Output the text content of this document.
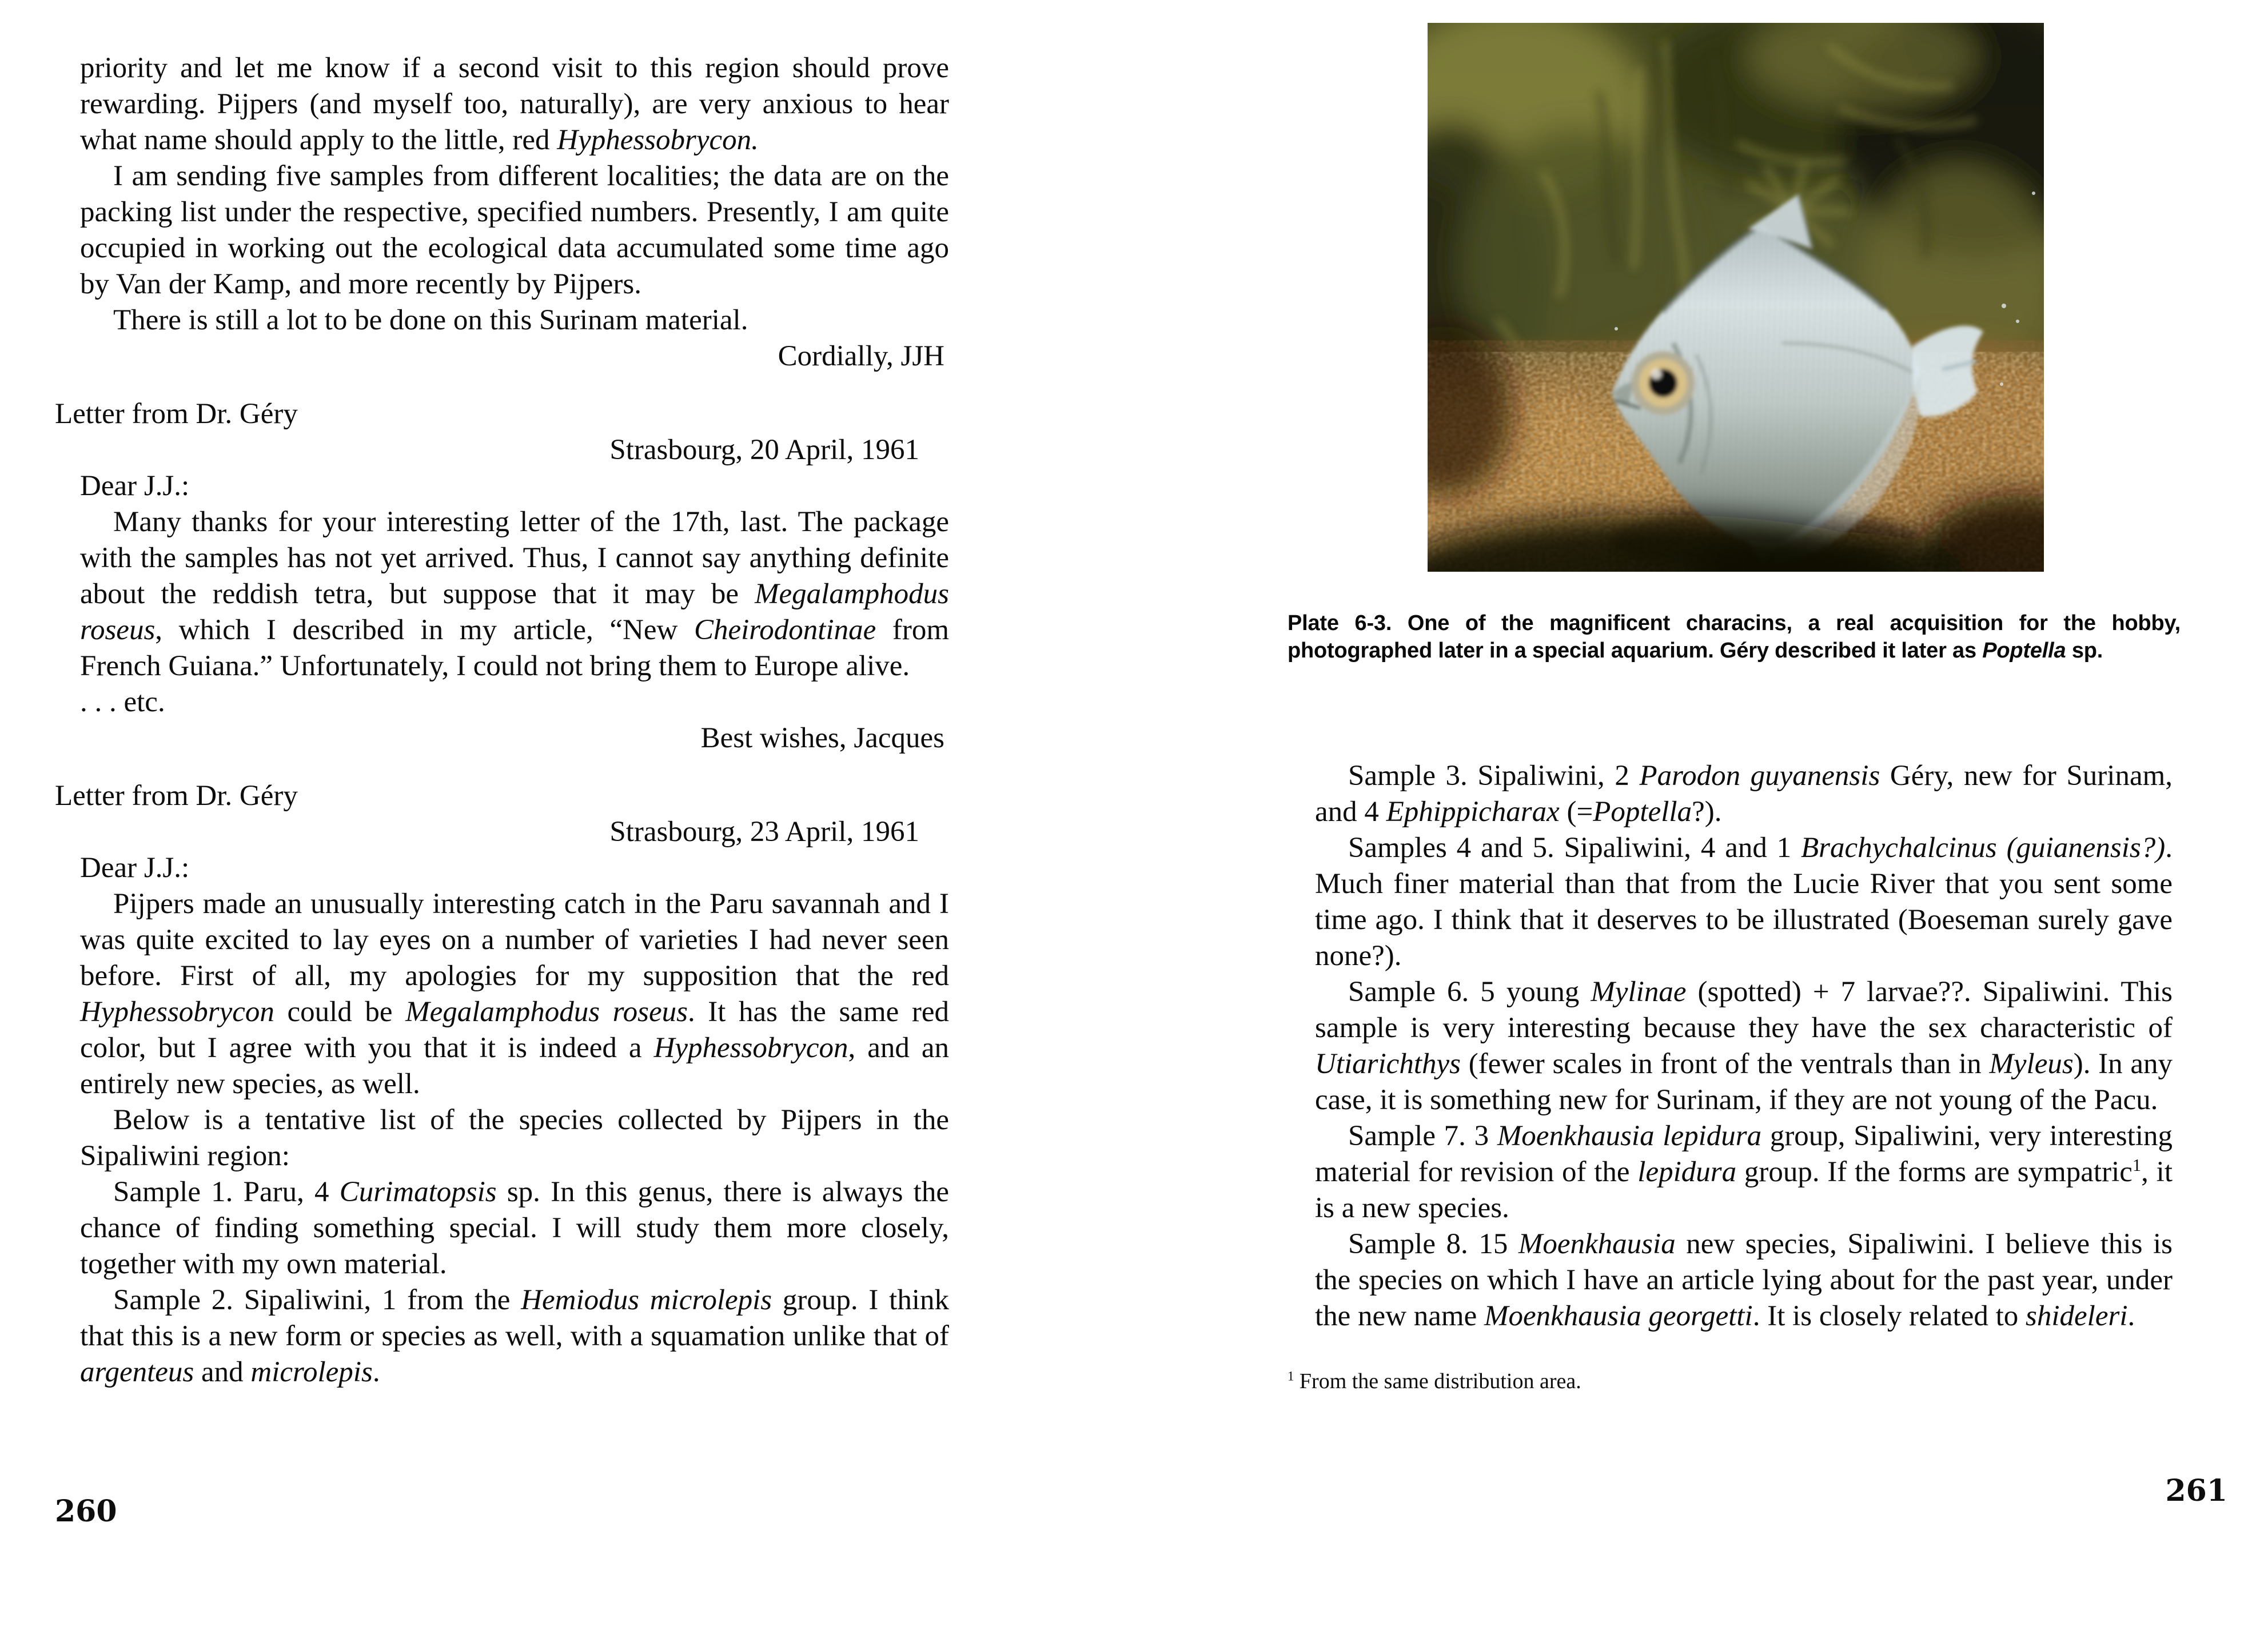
priority and let me know if a second visit to this region should prove rewarding. Pijpers (and myself too, naturally), are very anxious to hear what name should apply to the little, red Hyphessobrycon.

I am sending five samples from different localities; the data are on the packing list under the respective, specified numbers. Presently, I am quite occupied in working out the ecological data accumulated some time ago by Van der Kamp, and more recently by Pijpers.

There is still a lot to be done on this Surinam material.

Cordially, JJH

Letter from Dr. Géry

Strasbourg, 20 April, 1961

Dear J.J.:

Many thanks for your interesting letter of the 17th, last. The package with the samples has not yet arrived. Thus, I cannot say anything definite about the reddish tetra, but suppose that it may be Megalamphodus roseus, which I described in my article, “New Cheirodontinae from French Guiana.” Unfortunately, I could not bring them to Europe alive.

. . . etc.

Best wishes, Jacques

Letter from Dr. Géry

Strasbourg, 23 April, 1961

Dear J.J.:

Pijpers made an unusually interesting catch in the Paru savannah and I was quite excited to lay eyes on a number of varieties I had never seen before. First of all, my apologies for my supposition that the red Hyphessobrycon could be Megalamphodus roseus. It has the same red color, but I agree with you that it is indeed a Hyphessobrycon, and an entirely new species, as well.

Below is a tentative list of the species collected by Pijpers in the Sipaliwini region:

Sample 1. Paru, 4 Curimatopsis sp. In this genus, there is always the chance of finding something special. I will study them more closely, together with my own material.

Sample 2. Sipaliwini, 1 from the Hemiodus microlepis group. I think that this is a new form or species as well, with a squamation unlike that of argenteus and microlepis.

260
Plate 6-3. One of the magnificent characins, a real acquisition for the hobby, photographed later in a special aquarium. Géry described it later as Poptella sp.

Sample 3. Sipaliwini, 2 Parodon guyanensis Géry, new for Surinam, and 4 Ephippicharax (=Poptella?).

Samples 4 and 5. Sipaliwini, 4 and 1 Brachychalcinus (guianensis?). Much finer material than that from the Lucie River that you sent some time ago. I think that it deserves to be illustrated (Boeseman surely gave none?).

Sample 6. 5 young Mylinae (spotted) + 7 larvae??. Sipaliwini. This sample is very interesting because they have the sex characteristic of Utiarichthys (fewer scales in front of the ventrals than in Myleus). In any case, it is something new for Surinam, if they are not young of the Pacu.

Sample 7. 3 Moenkhausia lepidura group, Sipaliwini, very interesting material for revision of the lepidura group. If the forms are sympatric$^1$, it is a new species.

Sample 8. 15 Moenkhausia new species, Sipaliwini. I believe this is the species on which I have an article lying about for the past year, under the new name Moenkhausia georgetti. It is closely related to shideleri.

$^1$ From the same distribution area.
261
